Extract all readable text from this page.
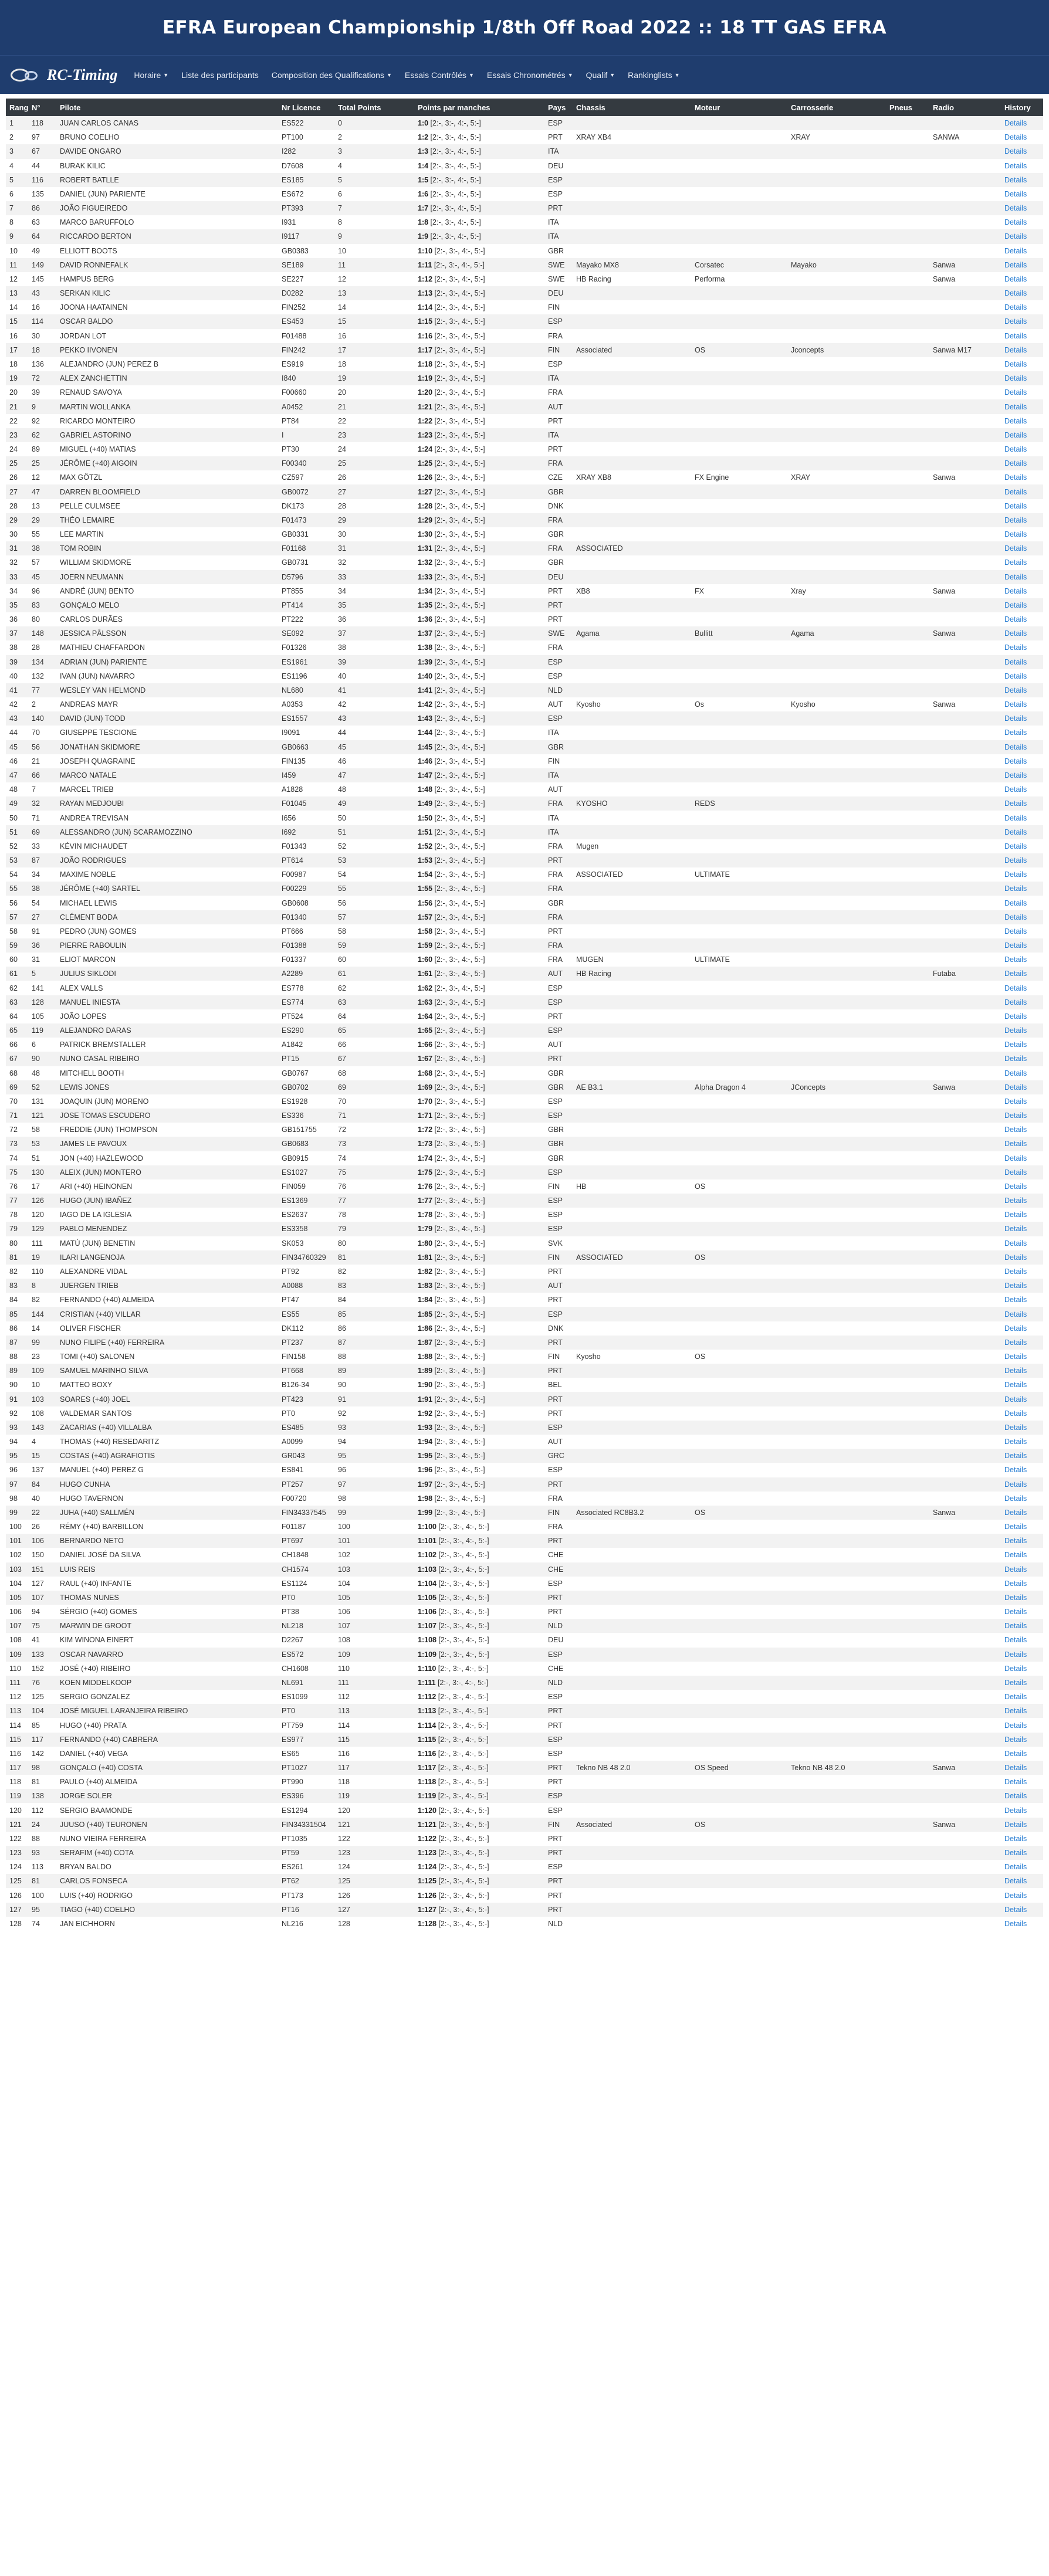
EFRA European Championship 1/8th Off Road 2022 :: 18 TT GAS EFRA
RC-Timing Horaire ▼ Liste des participants Composition des Qualifications ▼ Essais Contrôlés ▼ Essais Chronométrés ▼ Qualif ▼ Rankinglists ▼
Rang	N°	Pilote	Nr Licence	Total Points	Points par manches	Pays	Chassis	Moteur	Carrosserie	Pneus	Radio	History
1	118	JUAN CARLOS CANAS	ES522	0	1:0 [2:-, 3:-, 4:-, 5:-]	ESP						Details
2	97	BRUNO COELHO	PT100	2	1:2 [2:-, 3:-, 4:-, 5:-]	PRT	XRAY XB4		XRAY		SANWA	Details
3	67	DAVIDE ONGARO	I282	3	1:3 [2:-, 3:-, 4:-, 5:-]	ITA						Details
4	44	BURAK KILIC	D7608	4	1:4 [2:-, 3:-, 4:-, 5:-]	DEU						Details
5	116	ROBERT BATLLE	ES185	5	1:5 [2:-, 3:-, 4:-, 5:-]	ESP						Details
6	135	DANIEL (JUN) PARIENTE	ES672	6	1:6 [2:-, 3:-, 4:-, 5:-]	ESP						Details
7	86	JOÃO FIGUEIREDO	PT393	7	1:7 [2:-, 3:-, 4:-, 5:-]	PRT						Details
8	63	MARCO BARUFFOLO	I931	8	1:8 [2:-, 3:-, 4:-, 5:-]	ITA						Details
9	64	RICCARDO BERTON	I9117	9	1:9 [2:-, 3:-, 4:-, 5:-]	ITA						Details
10	49	ELLIOTT BOOTS	GB0383	10	1:10 [2:-, 3:-, 4:-, 5:-]	GBR						Details
11	149	DAVID RONNEFALK	SE189	11	1:11 [2:-, 3:-, 4:-, 5:-]	SWE	Mayako MX8	Corsatec	Mayako		Sanwa	Details
12	145	HAMPUS BERG	SE227	12	1:12 [2:-, 3:-, 4:-, 5:-]	SWE	HB Racing	Performa			Sanwa	Details
13	43	SERKAN KILIC	D0282	13	1:13 [2:-, 3:-, 4:-, 5:-]	DEU						Details
14	16	JOONA HAATAINEN	FIN252	14	1:14 [2:-, 3:-, 4:-, 5:-]	FIN						Details
15	114	OSCAR BALDO	ES453	15	1:15 [2:-, 3:-, 4:-, 5:-]	ESP						Details
16	30	JORDAN LOT	F01488	16	1:16 [2:-, 3:-, 4:-, 5:-]	FRA						Details
17	18	PEKKO IIVONEN	FIN242	17	1:17 [2:-, 3:-, 4:-, 5:-]	FIN	Associated	OS	Jconcepts		Sanwa M17	Details
18	136	ALEJANDRO (JUN) PEREZ B	ES919	18	1:18 [2:-, 3:-, 4:-, 5:-]	ESP						Details
19	72	ALEX ZANCHETTIN	I840	19	1:19 [2:-, 3:-, 4:-, 5:-]	ITA						Details
20	39	RENAUD SAVOYA	F00660	20	1:20 [2:-, 3:-, 4:-, 5:-]	FRA						Details
21	9	MARTIN WOLLANKA	A0452	21	1:21 [2:-, 3:-, 4:-, 5:-]	AUT						Details
22	92	RICARDO MONTEIRO	PT84	22	1:22 [2:-, 3:-, 4:-, 5:-]	PRT						Details
23	62	GABRIEL ASTORINO	I	23	1:23 [2:-, 3:-, 4:-, 5:-]	ITA						Details
24	89	MIGUEL (+40) MATIAS	PT30	24	1:24 [2:-, 3:-, 4:-, 5:-]	PRT						Details
25	25	JÉRÔME (+40) AIGOIN	F00340	25	1:25 [2:-, 3:-, 4:-, 5:-]	FRA						Details
26	12	MAX GÖTZL	CZ597	26	1:26 [2:-, 3:-, 4:-, 5:-]	CZE	XRAY XB8	FX Engine	XRAY		Sanwa	Details
27	47	DARREN BLOOMFIELD	GB0072	27	1:27 [2:-, 3:-, 4:-, 5:-]	GBR						Details
28	13	PELLE CULMSEE	DK173	28	1:28 [2:-, 3:-, 4:-, 5:-]	DNK						Details
29	29	THÉO LEMAIRE	F01473	29	1:29 [2:-, 3:-, 4:-, 5:-]	FRA						Details
30	55	LEE MARTIN	GB0331	30	1:30 [2:-, 3:-, 4:-, 5:-]	GBR						Details
31	38	TOM ROBIN	F01168	31	1:31 [2:-, 3:-, 4:-, 5:-]	FRA	ASSOCIATED					Details
32	57	WILLIAM SKIDMORE	GB0731	32	1:32 [2:-, 3:-, 4:-, 5:-]	GBR						Details
33	45	JOERN NEUMANN	D5796	33	1:33 [2:-, 3:-, 4:-, 5:-]	DEU						Details
34	96	ANDRÉ (JUN) BENTO	PT855	34	1:34 [2:-, 3:-, 4:-, 5:-]	PRT	XB8	FX	Xray		Sanwa	Details
35	83	GONÇALO MELO	PT414	35	1:35 [2:-, 3:-, 4:-, 5:-]	PRT						Details
36	80	CARLOS DURÃES	PT222	36	1:36 [2:-, 3:-, 4:-, 5:-]	PRT						Details
37	148	JESSICA PÅLSSON	SE092	37	1:37 [2:-, 3:-, 4:-, 5:-]	SWE	Agama	Bullitt	Agama		Sanwa	Details
38	28	MATHIEU CHAFFARDON	F01326	38	1:38 [2:-, 3:-, 4:-, 5:-]	FRA						Details
39	134	ADRIAN (JUN) PARIENTE	ES1961	39	1:39 [2:-, 3:-, 4:-, 5:-]	ESP						Details
40	132	IVAN (JUN) NAVARRO	ES1196	40	1:40 [2:-, 3:-, 4:-, 5:-]	ESP						Details
41	77	WESLEY VAN HELMOND	NL680	41	1:41 [2:-, 3:-, 4:-, 5:-]	NLD						Details
42	2	ANDREAS MAYR	A0353	42	1:42 [2:-, 3:-, 4:-, 5:-]	AUT	Kyosho	Os	Kyosho		Sanwa	Details
43	140	DAVID (JUN) TODD	ES1557	43	1:43 [2:-, 3:-, 4:-, 5:-]	ESP						Details
44	70	GIUSEPPE TESCIONE	I9091	44	1:44 [2:-, 3:-, 4:-, 5:-]	ITA						Details
45	56	JONATHAN SKIDMORE	GB0663	45	1:45 [2:-, 3:-, 4:-, 5:-]	GBR						Details
46	21	JOSEPH QUAGRAINE	FIN135	46	1:46 [2:-, 3:-, 4:-, 5:-]	FIN						Details
47	66	MARCO NATALE	I459	47	1:47 [2:-, 3:-, 4:-, 5:-]	ITA						Details
48	7	MARCEL TRIEB	A1828	48	1:48 [2:-, 3:-, 4:-, 5:-]	AUT						Details
49	32	RAYAN MEDJOUBI	F01045	49	1:49 [2:-, 3:-, 4:-, 5:-]	FRA	KYOSHO	REDS				Details
50	71	ANDREA TREVISAN	I656	50	1:50 [2:-, 3:-, 4:-, 5:-]	ITA						Details
51	69	ALESSANDRO (JUN) SCARAMOZZINO	I692	51	1:51 [2:-, 3:-, 4:-, 5:-]	ITA						Details
52	33	KÉVIN MICHAUDET	F01343	52	1:52 [2:-, 3:-, 4:-, 5:-]	FRA	Mugen					Details
53	87	JOÃO RODRIGUES	PT614	53	1:53 [2:-, 3:-, 4:-, 5:-]	PRT						Details
54	34	MAXIME NOBLE	F00987	54	1:54 [2:-, 3:-, 4:-, 5:-]	FRA	ASSOCIATED	ULTIMATE				Details
55	38	JÉRÔME (+40) SARTEL	F00229	55	1:55 [2:-, 3:-, 4:-, 5:-]	FRA						Details
56	54	MICHAEL LEWIS	GB0608	56	1:56 [2:-, 3:-, 4:-, 5:-]	GBR						Details
57	27	CLÉMENT BODA	F01340	57	1:57 [2:-, 3:-, 4:-, 5:-]	FRA						Details
58	91	PEDRO (JUN) GOMES	PT666	58	1:58 [2:-, 3:-, 4:-, 5:-]	PRT						Details
59	36	PIERRE RABOULIN	F01388	59	1:59 [2:-, 3:-, 4:-, 5:-]	FRA						Details
60	31	ELIOT MARCON	F01337	60	1:60 [2:-, 3:-, 4:-, 5:-]	FRA	MUGEN	ULTIMATE				Details
61	5	JULIUS SIKLODI	A2289	61	1:61 [2:-, 3:-, 4:-, 5:-]	AUT	HB Racing				Futaba	Details
62	141	ALEX VALLS	ES778	62	1:62 [2:-, 3:-, 4:-, 5:-]	ESP						Details
63	128	MANUEL INIESTA	ES774	63	1:63 [2:-, 3:-, 4:-, 5:-]	ESP						Details
64	105	JOÃO LOPES	PT524	64	1:64 [2:-, 3:-, 4:-, 5:-]	PRT						Details
65	119	ALEJANDRO DARAS	ES290	65	1:65 [2:-, 3:-, 4:-, 5:-]	ESP						Details
66	6	PATRICK BREMSTALLER	A1842	66	1:66 [2:-, 3:-, 4:-, 5:-]	AUT						Details
67	90	NUNO CASAL RIBEIRO	PT15	67	1:67 [2:-, 3:-, 4:-, 5:-]	PRT						Details
68	48	MITCHELL BOOTH	GB0767	68	1:68 [2:-, 3:-, 4:-, 5:-]	GBR						Details
69	52	LEWIS JONES	GB0702	69	1:69 [2:-, 3:-, 4:-, 5:-]	GBR	AE B3.1	Alpha Dragon 4	JConcepts		Sanwa	Details
70	131	JOAQUIN (JUN) MORENO	ES1928	70	1:70 [2:-, 3:-, 4:-, 5:-]	ESP						Details
71	121	JOSE TOMAS ESCUDERO	ES336	71	1:71 [2:-, 3:-, 4:-, 5:-]	ESP						Details
72	58	FREDDIE (JUN) THOMPSON	GB151755	72	1:72 [2:-, 3:-, 4:-, 5:-]	GBR						Details
73	53	JAMES LE PAVOUX	GB0683	73	1:73 [2:-, 3:-, 4:-, 5:-]	GBR						Details
74	51	JON (+40) HAZLEWOOD	GB0915	74	1:74 [2:-, 3:-, 4:-, 5:-]	GBR						Details
75	130	ALEIX (JUN) MONTERO	ES1027	75	1:75 [2:-, 3:-, 4:-, 5:-]	ESP						Details
76	17	ARI (+40) HEINONEN	FIN059	76	1:76 [2:-, 3:-, 4:-, 5:-]	FIN	HB	OS				Details
77	126	HUGO (JUN) IBAÑEZ	ES1369	77	1:77 [2:-, 3:-, 4:-, 5:-]	ESP						Details
78	120	IAGO DE LA IGLESIA	ES2637	78	1:78 [2:-, 3:-, 4:-, 5:-]	ESP						Details
79	129	PABLO MENENDEZ	ES3358	79	1:79 [2:-, 3:-, 4:-, 5:-]	ESP						Details
80	111	MATÚ (JUN) BENETIN	SK053	80	1:80 [2:-, 3:-, 4:-, 5:-]	SVK						Details
81	19	ILARI LANGENOJA	FIN34760329	81	1:81 [2:-, 3:-, 4:-, 5:-]	FIN	ASSOCIATED	OS				Details
82	110	ALEXANDRE VIDAL	PT92	82	1:82 [2:-, 3:-, 4:-, 5:-]	PRT						Details
83	8	JUERGEN TRIEB	A0088	83	1:83 [2:-, 3:-, 4:-, 5:-]	AUT						Details
84	82	FERNANDO (+40) ALMEIDA	PT47	84	1:84 [2:-, 3:-, 4:-, 5:-]	PRT						Details
85	144	CRISTIAN (+40) VILLAR	ES55	85	1:85 [2:-, 3:-, 4:-, 5:-]	ESP						Details
86	14	OLIVER FISCHER	DK112	86	1:86 [2:-, 3:-, 4:-, 5:-]	DNK						Details
87	99	NUNO FILIPE (+40) FERREIRA	PT237	87	1:87 [2:-, 3:-, 4:-, 5:-]	PRT						Details
88	23	TOMI (+40) SALONEN	FIN158	88	1:88 [2:-, 3:-, 4:-, 5:-]	FIN	Kyosho	OS				Details
89	109	SAMUEL MARINHO SILVA	PT668	89	1:89 [2:-, 3:-, 4:-, 5:-]	PRT						Details
90	10	MATTEO BOXY	B126-34	90	1:90 [2:-, 3:-, 4:-, 5:-]	BEL						Details
91	103	SOARES (+40) JOEL	PT423	91	1:91 [2:-, 3:-, 4:-, 5:-]	PRT						Details
92	108	VALDEMAR SANTOS	PT0	92	1:92 [2:-, 3:-, 4:-, 5:-]	PRT						Details
93	143	ZACARIAS (+40) VILLALBA	ES485	93	1:93 [2:-, 3:-, 4:-, 5:-]	ESP						Details
94	4	THOMAS (+40) RESEDARITZ	A0099	94	1:94 [2:-, 3:-, 4:-, 5:-]	AUT						Details
95	15	COSTAS (+40) AGRAFIOTIS	GR043	95	1:95 [2:-, 3:-, 4:-, 5:-]	GRC						Details
96	137	MANUEL (+40) PEREZ G	ES841	96	1:96 [2:-, 3:-, 4:-, 5:-]	ESP						Details
97	84	HUGO CUNHA	PT257	97	1:97 [2:-, 3:-, 4:-, 5:-]	PRT						Details
98	40	HUGO TAVERNON	F00720	98	1:98 [2:-, 3:-, 4:-, 5:-]	FRA						Details
99	22	JUHA (+40) SALLMÉN	FIN34337545	99	1:99 [2:-, 3:-, 4:-, 5:-]	FIN	Associated RC8B3.2	OS			Sanwa	Details
100	26	RÉMY (+40) BARBILLON	F01187	100	1:100 [2:-, 3:-, 4:-, 5:-]	FRA						Details
101	106	BERNARDO NETO	PT697	101	1:101 [2:-, 3:-, 4:-, 5:-]	PRT						Details
102	150	DANIEL JOSÉ DA SILVA	CH1848	102	1:102 [2:-, 3:-, 4:-, 5:-]	CHE						Details
103	151	LUIS REIS	CH1574	103	1:103 [2:-, 3:-, 4:-, 5:-]	CHE						Details
104	127	RAUL (+40) INFANTE	ES1124	104	1:104 [2:-, 3:-, 4:-, 5:-]	ESP						Details
105	107	THOMAS NUNES	PT0	105	1:105 [2:-, 3:-, 4:-, 5:-]	PRT						Details
106	94	SÉRGIO (+40) GOMES	PT38	106	1:106 [2:-, 3:-, 4:-, 5:-]	PRT						Details
107	75	MARWIN DE GROOT	NL218	107	1:107 [2:-, 3:-, 4:-, 5:-]	NLD						Details
108	41	KIM WINONA EINERT	D2267	108	1:108 [2:-, 3:-, 4:-, 5:-]	DEU						Details
109	133	OSCAR NAVARRO	ES572	109	1:109 [2:-, 3:-, 4:-, 5:-]	ESP						Details
110	152	JOSÉ (+40) RIBEIRO	CH1608	110	1:110 [2:-, 3:-, 4:-, 5:-]	CHE						Details
111	76	KOEN MIDDELKOOP	NL691	111	1:111 [2:-, 3:-, 4:-, 5:-]	NLD						Details
112	125	SERGIO GONZALEZ	ES1099	112	1:112 [2:-, 3:-, 4:-, 5:-]	ESP						Details
113	104	JOSÉ MIGUEL LARANJEIRA RIBEIRO	PT0	113	1:113 [2:-, 3:-, 4:-, 5:-]	PRT						Details
114	85	HUGO (+40) PRATA	PT759	114	1:114 [2:-, 3:-, 4:-, 5:-]	PRT						Details
115	117	FERNANDO (+40) CABRERA	ES977	115	1:115 [2:-, 3:-, 4:-, 5:-]	ESP						Details
116	142	DANIEL (+40) VEGA	ES65	116	1:116 [2:-, 3:-, 4:-, 5:-]	ESP						Details
117	98	GONÇALO (+40) COSTA	PT1027	117	1:117 [2:-, 3:-, 4:-, 5:-]	PRT	Tekno NB 48 2.0	OS Speed	Tekno NB 48 2.0		Sanwa	Details
118	81	PAULO (+40) ALMEIDA	PT990	118	1:118 [2:-, 3:-, 4:-, 5:-]	PRT						Details
119	138	JORGE SOLER	ES396	119	1:119 [2:-, 3:-, 4:-, 5:-]	ESP						Details
120	112	SERGIO BAAMONDE	ES1294	120	1:120 [2:-, 3:-, 4:-, 5:-]	ESP						Details
121	24	JUUSO (+40) TEURONEN	FIN34331504	121	1:121 [2:-, 3:-, 4:-, 5:-]	FIN	Associated	OS			Sanwa	Details
122	88	NUNO VIEIRA FERREIRA	PT1035	122	1:122 [2:-, 3:-, 4:-, 5:-]	PRT						Details
123	93	SERAFIM (+40) COTA	PT59	123	1:123 [2:-, 3:-, 4:-, 5:-]	PRT						Details
124	113	BRYAN BALDO	ES261	124	1:124 [2:-, 3:-, 4:-, 5:-]	ESP						Details
125	81	CARLOS FONSECA	PT62	125	1:125 [2:-, 3:-, 4:-, 5:-]	PRT						Details
126	100	LUIS (+40) RODRIGO	PT173	126	1:126 [2:-, 3:-, 4:-, 5:-]	PRT						Details
127	95	TIAGO (+40) COELHO	PT16	127	1:127 [2:-, 3:-, 4:-, 5:-]	PRT						Details
128	74	JAN EICHHORN	NL216	128	1:128 [2:-, 3:-, 4:-, 5:-]	NLD						Details
